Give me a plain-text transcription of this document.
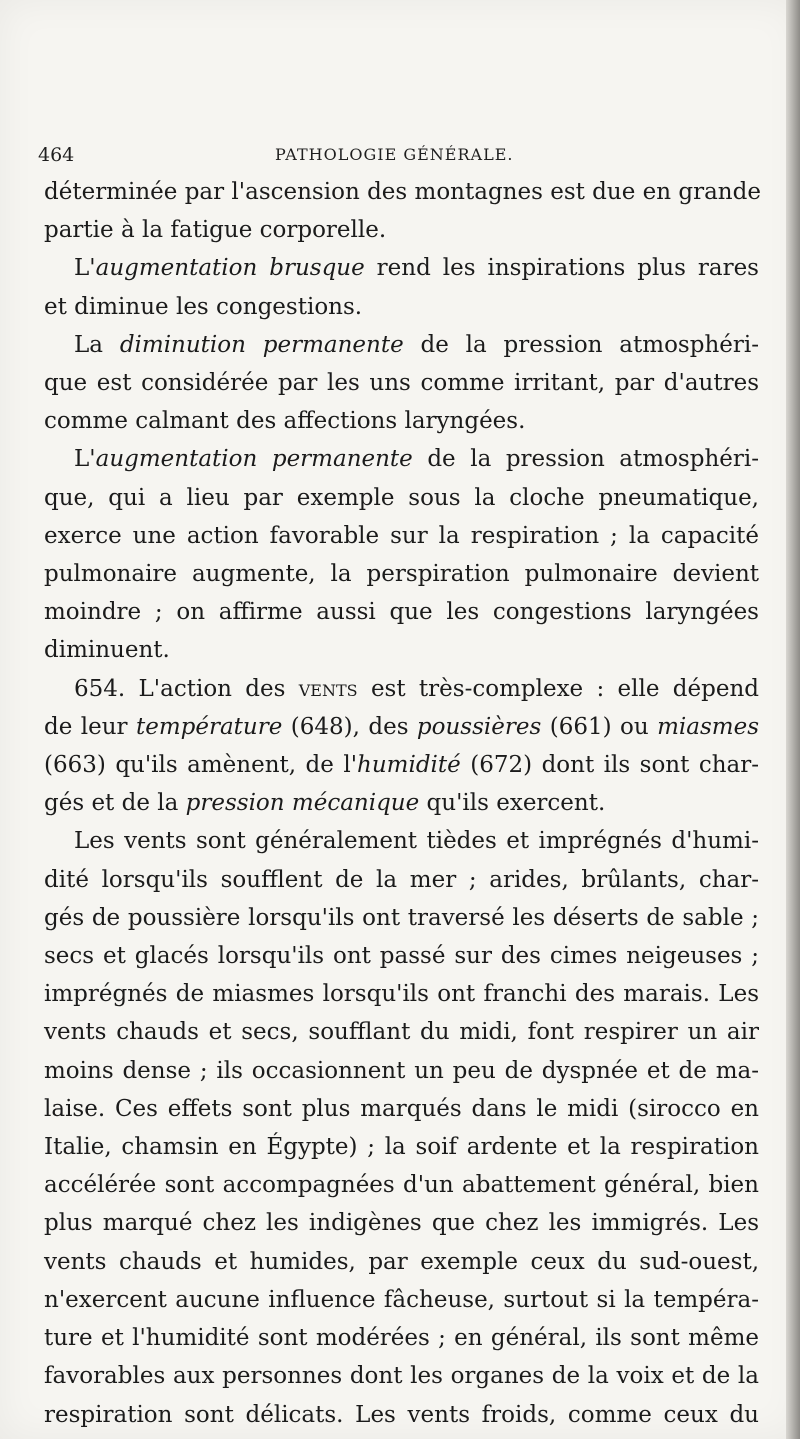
464	PATHOLOGIE GÉNÉRALE.
déterminée par l'ascension des montagnes est due en grande
partie à la fatigue corporelle.
L'augmentation brusque rend les inspirations plus rares
et diminue les congestions.
La diminution permanente de la pression atmosphéri-
que est considérée par les uns comme irritant, par d'autres
comme calmant des affections laryngées.
L'augmentation permanente de la pression atmosphéri-
que, qui a lieu par exemple sous la cloche pneumatique,
exerce une action favorable sur la respiration ; la capacité
pulmonaire augmente, la perspiration pulmonaire devient
moindre ; on affirme aussi que les congestions laryngées
diminuent.
654. L'action des vents est très-complexe : elle dépend
de leur température (648), des poussières (661) ou miasmes
(663) qu'ils amènent, de l'humidité (672) dont ils sont char-
gés et de la pression mécanique qu'ils exercent.
Les vents sont généralement tièdes et imprégnés d'humi-
dité lorsqu'ils soufflent de la mer ; arides, brûlants, char-
gés de poussière lorsqu'ils ont traversé les déserts de sable ;
secs et glacés lorsqu'ils ont passé sur des cimes neigeuses ;
imprégnés de miasmes lorsqu'ils ont franchi des marais. Les
vents chauds et secs, soufflant du midi, font respirer un air
moins dense ; ils occasionnent un peu de dyspnée et de ma-
laise. Ces effets sont plus marqués dans le midi (sirocco en
Italie, chamsin en Égypte) ; la soif ardente et la respiration
accélérée sont accompagnées d'un abattement général, bien
plus marqué chez les indigènes que chez les immigrés. Les
vents chauds et humides, par exemple ceux du sud-ouest,
n'exercent aucune influence fâcheuse, surtout si la tempéra-
ture et l'humidité sont modérées ; en général, ils sont même
favorables aux personnes dont les organes de la voix et de la
respiration sont délicats. Les vents froids, comme ceux du
